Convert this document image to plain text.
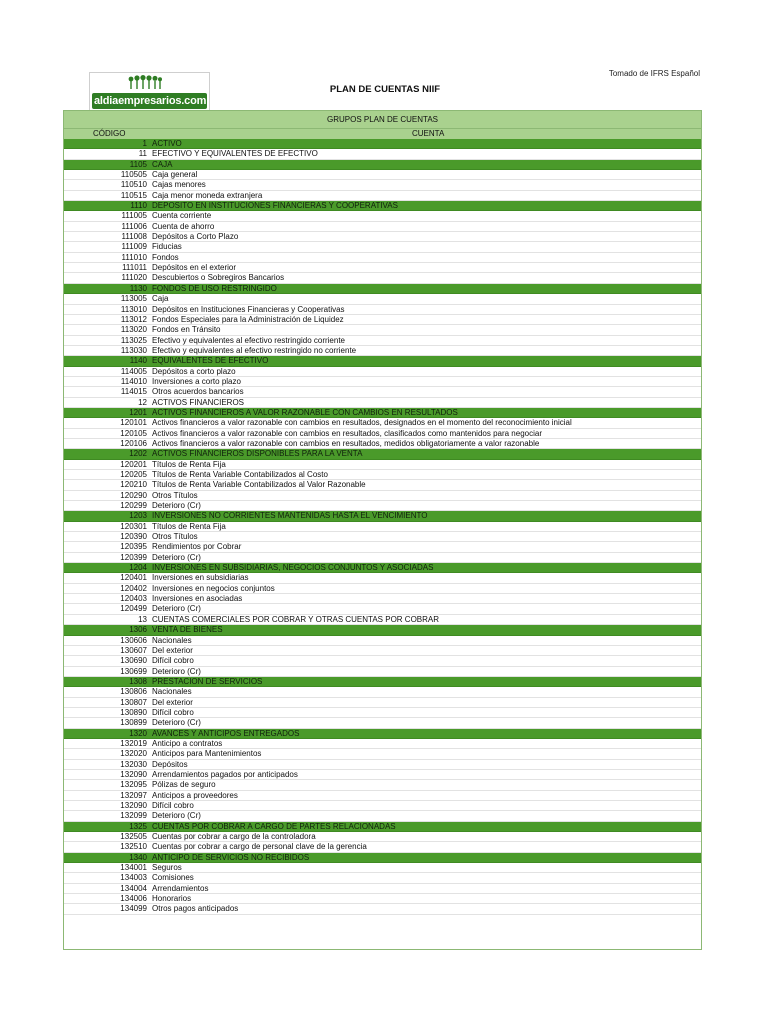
Tomado de IFRS Español
aldiaempresarios.com
PLAN DE CUENTAS NIIF
GRUPOS PLAN DE CUENTAS
CÓDIGO	CUENTA
1 ACTIVO
11 EFECTIVO Y EQUIVALENTES DE EFECTIVO
1105 CAJA
110505 Caja general
110510 Cajas menores
110515 Caja menor moneda extranjera
1110 DEPOSITO EN INSTITUCIONES FINANCIERAS Y COOPERATIVAS
111005 Cuenta corriente
111006 Cuenta de ahorro
111008 Depósitos a Corto Plazo
111009 Fiducias
111010 Fondos
111011 Depósitos en el exterior
111020 Descubiertos o Sobregiros Bancarios
1130 FONDOS DE USO RESTRINGIDO
113005 Caja
113010 Depósitos en Instituciones Financieras y Cooperativas
113012 Fondos Especiales para la Administración de Liquidez
113020 Fondos en Tránsito
113025 Efectivo y equivalentes al efectivo restringido corriente
113030 Efectivo y equivalentes al efectivo restringido no corriente
1140 EQUIVALENTES DE EFECTIVO
114005 Depósitos a corto plazo
114010 Inversiones a corto plazo
114015 Otros acuerdos bancarios
12 ACTIVOS FINANCIEROS
1201 ACTIVOS FINANCIEROS A VALOR RAZONABLE CON CAMBIOS EN RESULTADOS
120101 Activos financieros a valor razonable con cambios en resultados, designados en el momento del reconocimiento inicial
120105 Activos financieros a valor razonable con cambios en resultados, clasificados como mantenidos para negociar
120106 Activos financieros a valor razonable con cambios en resultados, medidos obligatoriamente a valor razonable
1202 ACTIVOS FINANCIEROS DISPONIBLES PARA LA VENTA
120201 Títulos de Renta Fija
120205 Títulos de Renta Variable Contabilizados al Costo
120210 Títulos de Renta Variable Contabilizados al Valor Razonable
120290 Otros Títulos
120299 Deterioro (Cr)
1203 INVERSIONES NO CORRIENTES MANTENIDAS HASTA EL VENCIMIENTO
120301 Títulos de Renta Fija
120390 Otros Títulos
120395 Rendimientos por Cobrar
120399 Deterioro (Cr)
1204 INVERSIONES EN SUBSIDIARIAS, NEGOCIOS CONJUNTOS Y ASOCIADAS
120401 Inversiones en subsidiarias
120402 Inversiones en negocios conjuntos
120403 Inversiones en asociadas
120499 Deterioro (Cr)
13 CUENTAS COMERCIALES POR COBRAR Y OTRAS CUENTAS POR COBRAR
1306 VENTA DE BIENES
130606 Nacionales
130607 Del exterior
130690 Difícil cobro
130699 Deterioro (Cr)
1308 PRESTACION DE SERVICIOS
130806 Nacionales
130807 Del exterior
130890 Difícil cobro
130899 Deterioro (Cr)
1320 AVANCES Y ANTICIPOS ENTREGADOS
132019 Anticipo a contratos
132020 Anticipos para Mantenimientos
132030 Depósitos
132090 Arrendamientos pagados por anticipados
132095 Pólizas de seguro
132097 Anticipos a proveedores
132090 Difícil cobro
132099 Deterioro (Cr)
1325 CUENTAS POR COBRAR A CARGO DE PARTES RELACIONADAS
132505 Cuentas por cobrar a cargo de la controladora
132510 Cuentas por cobrar a cargo de personal clave de la gerencia
1340 ANTICIPO DE SERVICIOS NO RECIBIDOS
134001 Seguros
134003 Comisiones
134004 Arrendamientos
134006 Honorarios
134099 Otros pagos anticipados
